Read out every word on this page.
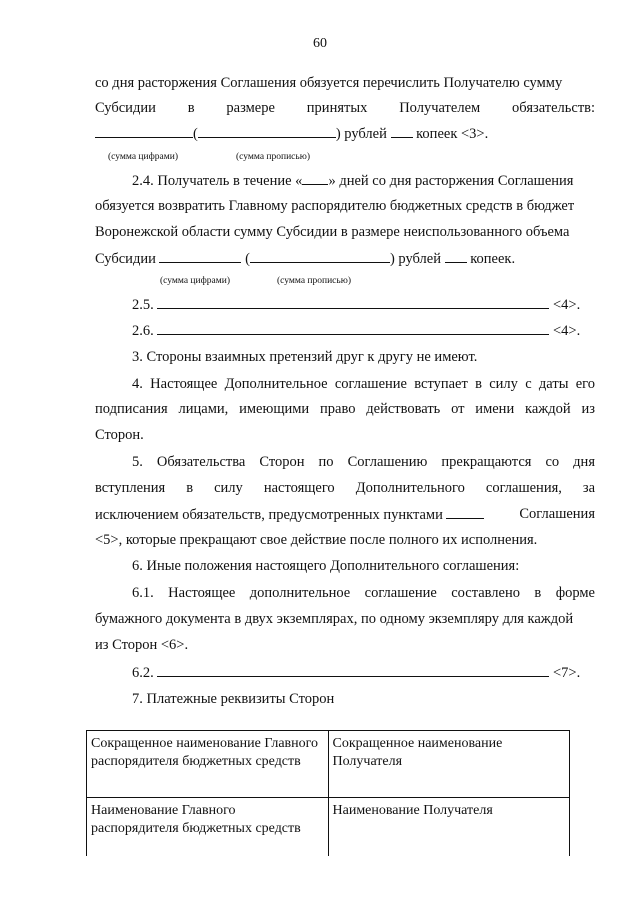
60
со дня расторжения Соглашения обязуется перечислить Получателю сумму
Субсидии в размере принятых Получателем обязательств:
(	) рублей копеек <3>.
(сумма цифрами)	(сумма прописью)
2.4. Получатель в течение « » дней со дня расторжения Соглашения
обязуется возвратить Главному распорядителю бюджетных средств в бюджет
Воронежской области сумму Субсидии в размере неиспользованного объема
Субсидии	(	) рублей копеек.
(сумма цифрами)	(сумма прописью)
2.5.	<4>.
2.6.	<4>.
3. Стороны взаимных претензий друг к другу не имеют.
4. Настоящее Дополнительное соглашение вступает в силу с даты его
подписания лицами, имеющими право действовать от имени каждой из
Сторон.
5. Обязательства Сторон по Соглашению прекращаются со дня
вступления в силу настоящего Дополнительного соглашения, за
исключением обязательств, предусмотренных пунктами	Соглашения
<5>, которые прекращают свое действие после полного их исполнения.
6. Иные положения настоящего Дополнительного соглашения:
6.1. Настоящее дополнительное соглашение составлено в форме
бумажного документа в двух экземплярах, по одному экземпляру для каждой
из Сторон <6>.
6.2.	<7>.
7. Платежные реквизиты Сторон
Сокращенное наименование Главного распорядителя бюджетных средств	Сокращенное наименование Получателя
Наименование Главного распорядителя бюджетных средств	Наименование Получателя
